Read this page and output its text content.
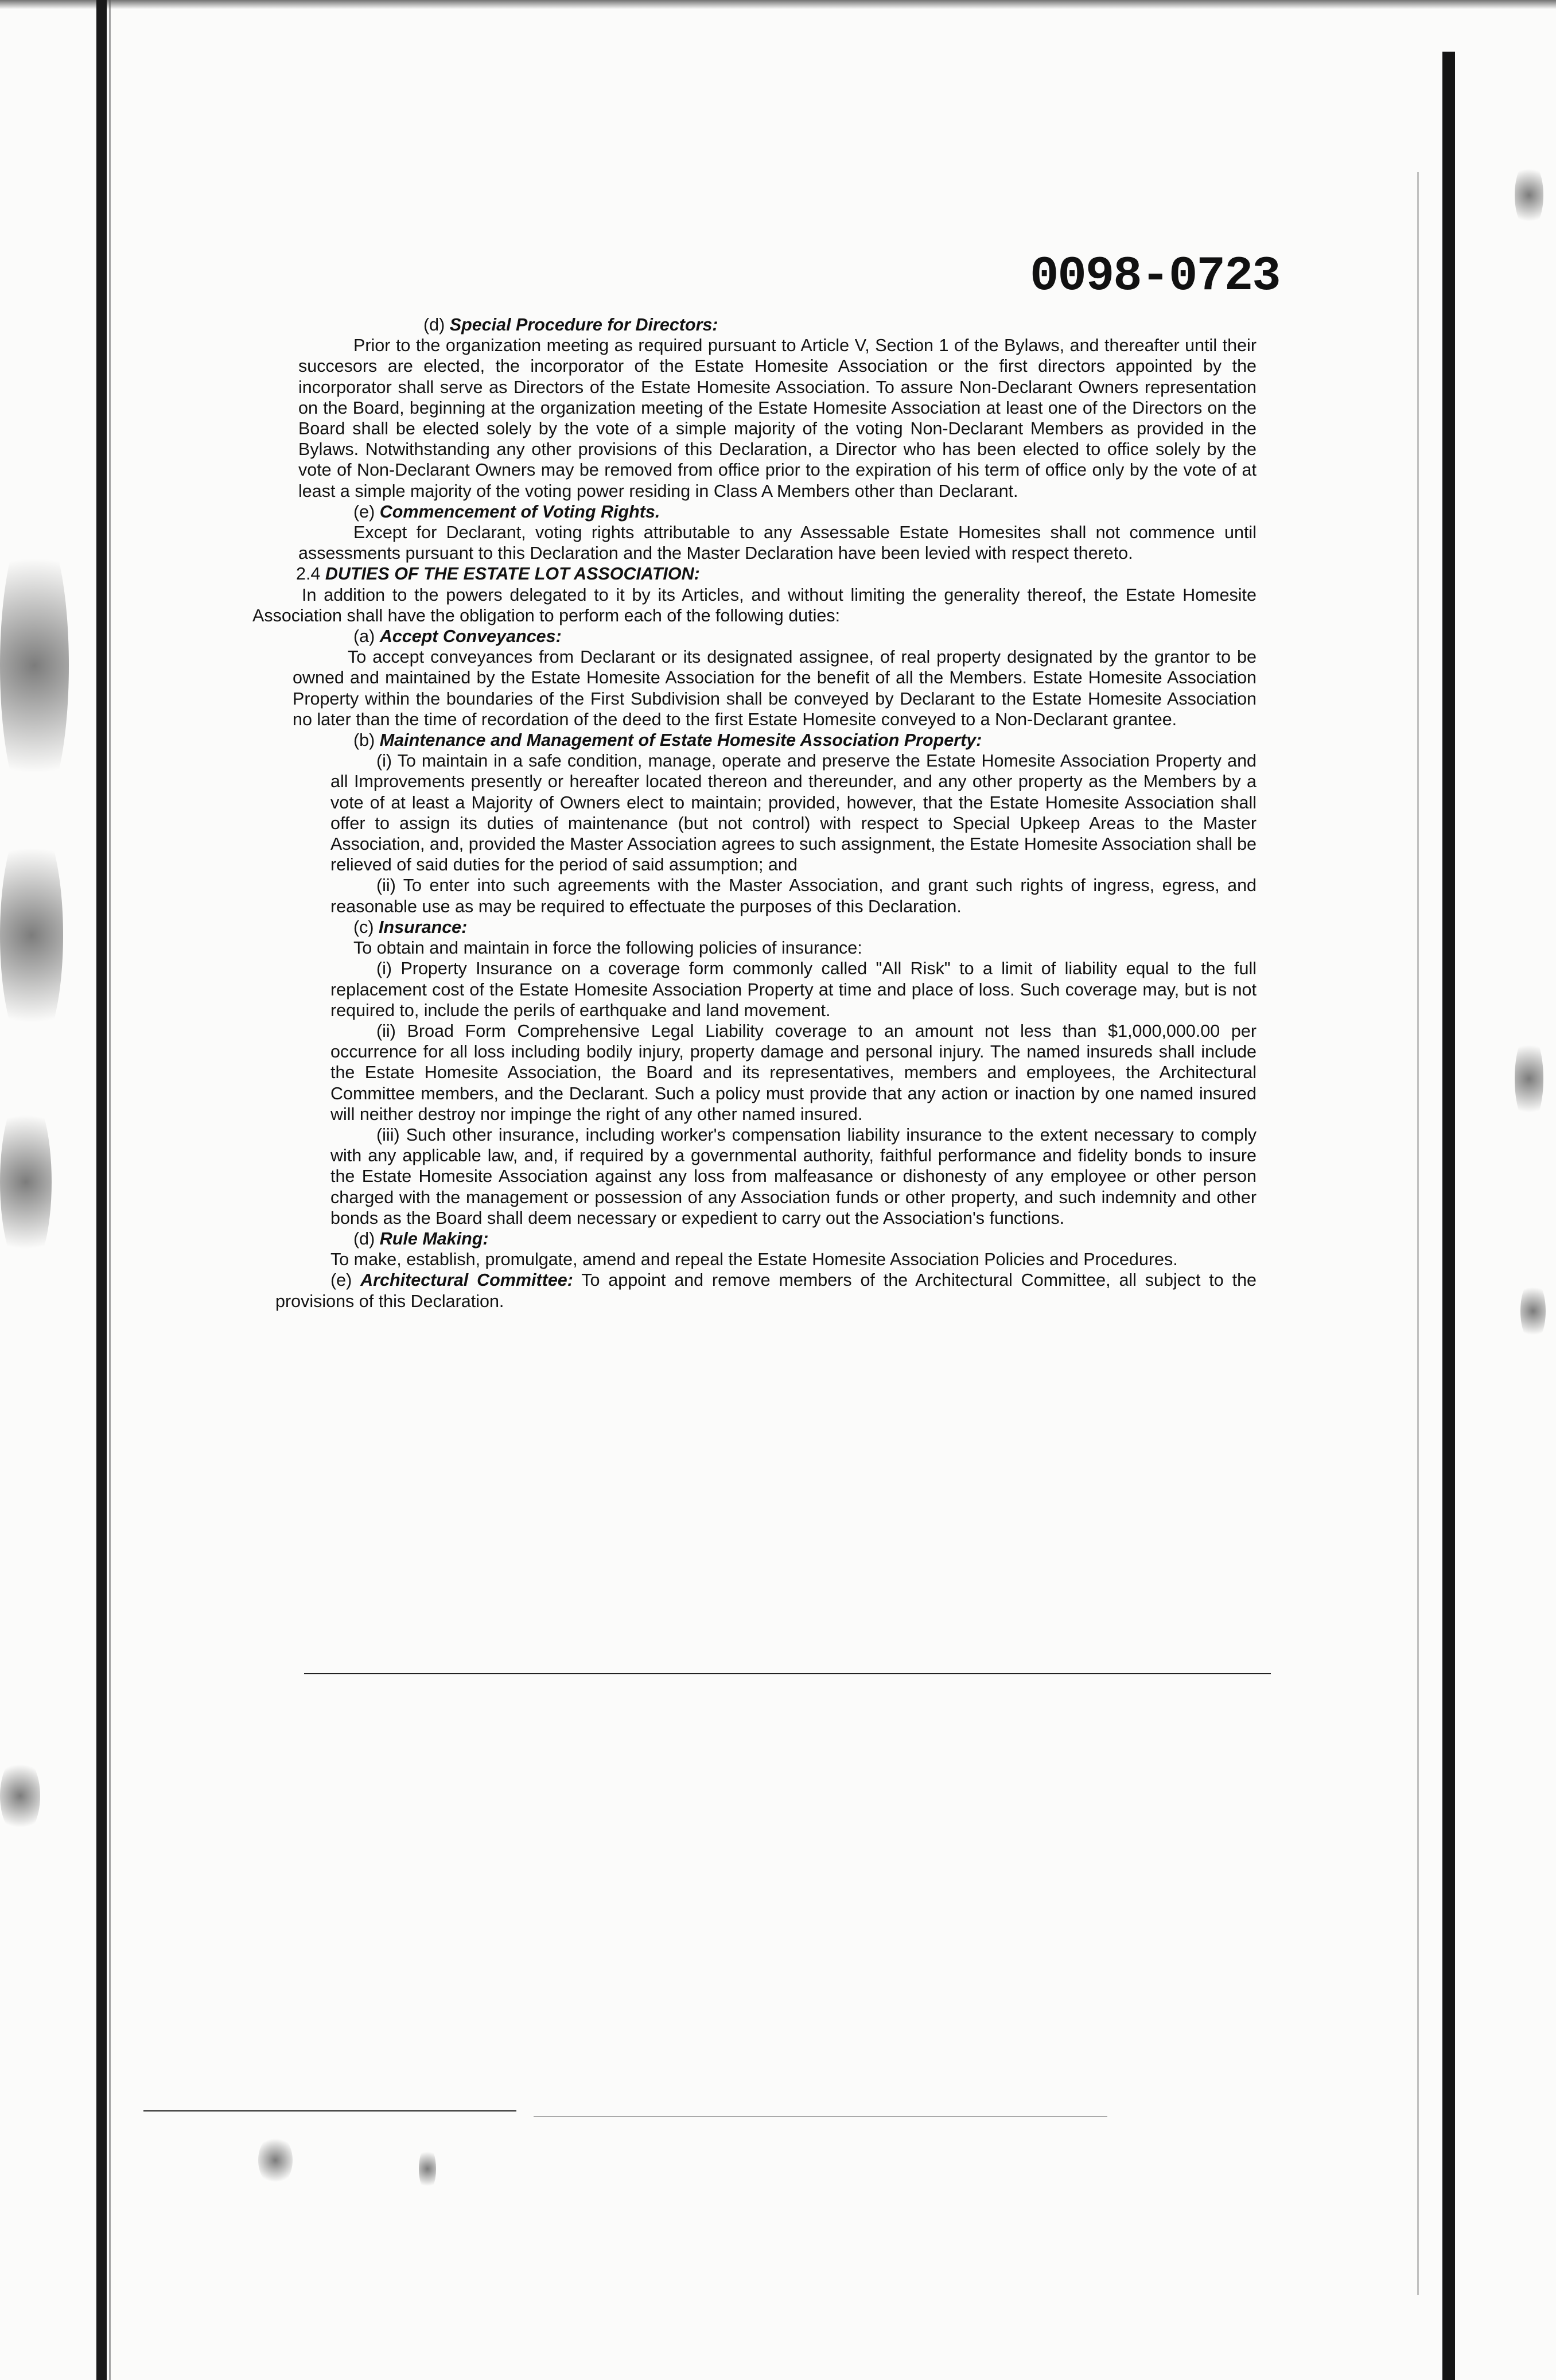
0098-0723

(d) Special Procedure for Directors:

Prior to the organization meeting as required pursuant to Article V, Section 1 of the Bylaws, and thereafter until their succesors are elected, the incorporator of the Estate Homesite Association or the first directors appointed by the incorporator shall serve as Directors of the Estate Homesite Association. To assure Non-Declarant Owners representation on the Board, beginning at the organization meeting of the Estate Homesite Association at least one of the Directors on the Board shall be elected solely by the vote of a simple majority of the voting Non-Declarant Members as provided in the Bylaws. Notwithstanding any other provisions of this Declaration, a Director who has been elected to office solely by the vote of Non-Declarant Owners may be removed from office prior to the expiration of his term of office only by the vote of at least a simple majority of the voting power residing in Class A Members other than Declarant.

(e) Commencement of Voting Rights.

Except for Declarant, voting rights attributable to any Assessable Estate Homesites shall not commence until assessments pursuant to this Declaration and the Master Declaration have been levied with respect thereto.

2.4 DUTIES OF THE ESTATE LOT ASSOCIATION:

In addition to the powers delegated to it by its Articles, and without limiting the generality thereof, the Estate Homesite Association shall have the obligation to perform each of the following duties:

(a) Accept Conveyances:

To accept conveyances from Declarant or its designated assignee, of real property designated by the grantor to be owned and maintained by the Estate Homesite Association for the benefit of all the Members. Estate Homesite Association Property within the boundaries of the First Subdivision shall be conveyed by Declarant to the Estate Homesite Association no later than the time of recordation of the deed to the first Estate Homesite conveyed to a Non-Declarant grantee.

(b) Maintenance and Management of Estate Homesite Association Property:

(i) To maintain in a safe condition, manage, operate and preserve the Estate Homesite Association Property and all Improvements presently or hereafter located thereon and thereunder, and any other property as the Members by a vote of at least a Majority of Owners elect to maintain; provided, however, that the Estate Homesite Association shall offer to assign its duties of maintenance (but not control) with respect to Special Upkeep Areas to the Master Association, and, provided the Master Association agrees to such assignment, the Estate Homesite Association shall be relieved of said duties for the period of said assumption; and

(ii) To enter into such agreements with the Master Association, and grant such rights of ingress, egress, and reasonable use as may be required to effectuate the purposes of this Declaration.

(c) Insurance:

To obtain and maintain in force the following policies of insurance:

(i) Property Insurance on a coverage form commonly called "All Risk" to a limit of liability equal to the full replacement cost of the Estate Homesite Association Property at time and place of loss. Such coverage may, but is not required to, include the perils of earthquake and land movement.

(ii) Broad Form Comprehensive Legal Liability coverage to an amount not less than $1,000,000.00 per occurrence for all loss including bodily injury, property damage and personal injury. The named insureds shall include the Estate Homesite Association, the Board and its representatives, members and employees, the Architectural Committee members, and the Declarant. Such a policy must provide that any action or inaction by one named insured will neither destroy nor impinge the right of any other named insured.

(iii) Such other insurance, including worker's compensation liability insurance to the extent necessary to comply with any applicable law, and, if required by a governmental authority, faithful performance and fidelity bonds to insure the Estate Homesite Association against any loss from malfeasance or dishonesty of any employee or other person charged with the management or possession of any Association funds or other property, and such indemnity and other bonds as the Board shall deem necessary or expedient to carry out the Association's functions.

(d) Rule Making:

To make, establish, promulgate, amend and repeal the Estate Homesite Association Policies and Procedures.

(e) Architectural Committee: To appoint and remove members of the Architectural Committee, all subject to the provisions of this Declaration.
